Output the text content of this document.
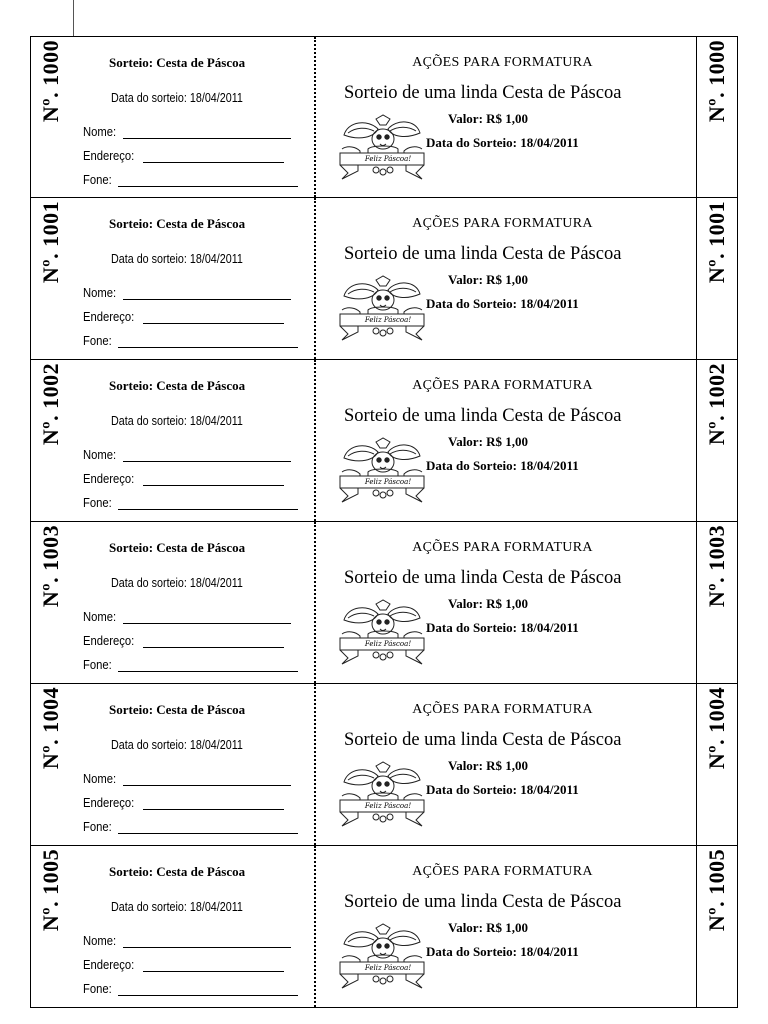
Nº. 1000	Sorteio: Cesta de Páscoa
Data do sorteio: 18/04/2011
Nome:
Endereço:
Fone:
AÇÕES PARA FORMATURA
Sorteio de uma linda Cesta de Páscoa
Feliz Páscoa!
Valor: R$ 1,00
Data do Sorteio: 18/04/2011
Nº. 1000
Nº. 1001	Sorteio: Cesta de Páscoa
Data do sorteio: 18/04/2011
Nome:
Endereço:
Fone:
AÇÕES PARA FORMATURA
Sorteio de uma linda Cesta de Páscoa
Feliz Páscoa!
Valor: R$ 1,00
Data do Sorteio: 18/04/2011
Nº. 1001
Nº. 1002	Sorteio: Cesta de Páscoa
Data do sorteio: 18/04/2011
Nome:
Endereço:
Fone:
AÇÕES PARA FORMATURA
Sorteio de uma linda Cesta de Páscoa
Feliz Páscoa!
Valor: R$ 1,00
Data do Sorteio: 18/04/2011
Nº. 1002
Nº. 1003	Sorteio: Cesta de Páscoa
Data do sorteio: 18/04/2011
Nome:
Endereço:
Fone:
AÇÕES PARA FORMATURA
Sorteio de uma linda Cesta de Páscoa
Feliz Páscoa!
Valor: R$ 1,00
Data do Sorteio: 18/04/2011
Nº. 1003
Nº. 1004	Sorteio: Cesta de Páscoa
Data do sorteio: 18/04/2011
Nome:
Endereço:
Fone:
AÇÕES PARA FORMATURA
Sorteio de uma linda Cesta de Páscoa
Feliz Páscoa!
Valor: R$ 1,00
Data do Sorteio: 18/04/2011
Nº. 1004
Nº. 1005	Sorteio: Cesta de Páscoa
Data do sorteio: 18/04/2011
Nome:
Endereço:
Fone:
AÇÕES PARA FORMATURA
Sorteio de uma linda Cesta de Páscoa
Feliz Páscoa!
Valor: R$ 1,00
Data do Sorteio: 18/04/2011
Nº. 1005
